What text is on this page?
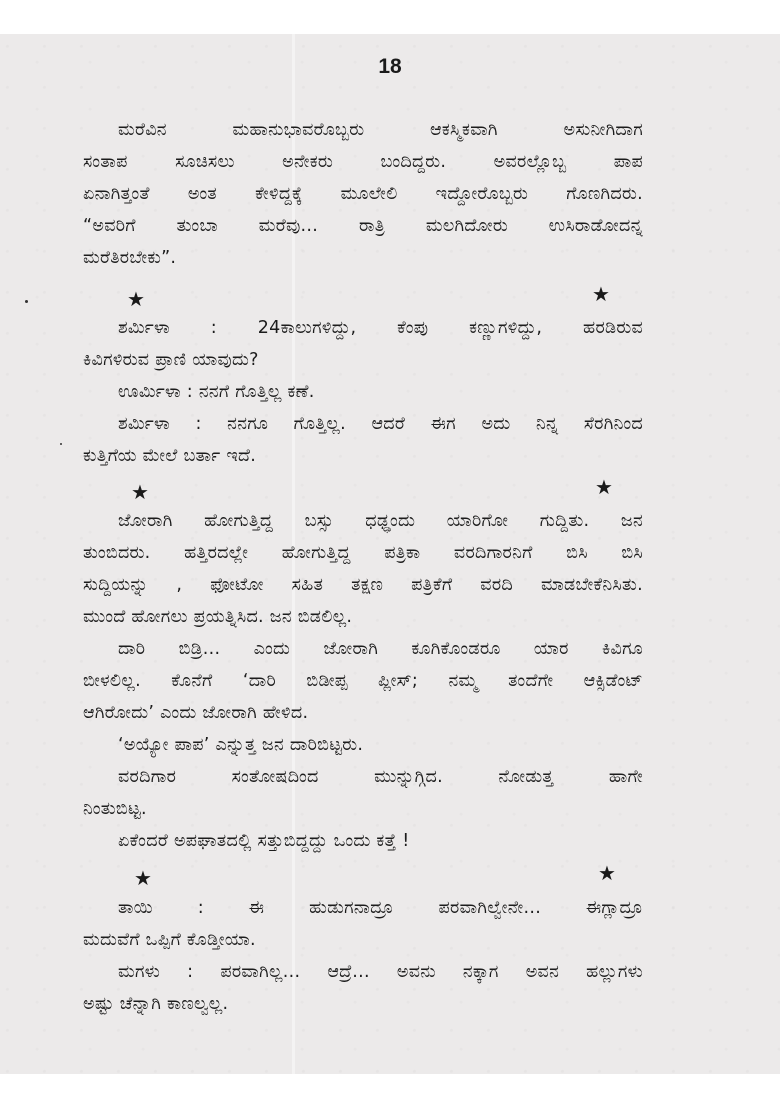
18
ಮರೆವಿನ ಮಹಾನುಭಾವರೊಬ್ಬರು ಆಕಸ್ಮಿಕವಾಗಿ ಅಸುನೀಗಿದಾಗ
ಸಂತಾಪ ಸೂಚಿಸಲು ಅನೇಕರು ಬಂದಿದ್ದರು. ಅವರಲ್ಲೊಬ್ಬ ಪಾಪ
ಏನಾಗಿತ್ತಂತೆ ಅಂತ ಕೇಳಿದ್ದಕ್ಕೆ ಮೂಲೇಲಿ ಇದ್ದೋರೊಬ್ಬರು ಗೊಣಗಿದರು.
“ಅವರಿಗೆ ತುಂಬಾ ಮರೆವು... ರಾತ್ರಿ ಮಲಗಿದೋರು ಉಸಿರಾಡೋದನ್ನ
ಮರೆತಿರಬೇಕು”.
★	★
ಶರ್ಮಿಳಾ : 24ಕಾಲುಗಳಿದ್ದು, ಕೆಂಪು ಕಣ್ಣುಗಳಿದ್ದು, ಹರಡಿರುವ
ಕಿವಿಗಳಿರುವ ಪ್ರಾಣಿ ಯಾವುದು?
ಊರ್ಮಿಳಾ : ನನಗೆ ಗೊತ್ತಿಲ್ಲ ಕಣೆ.
ಶರ್ಮಿಳಾ : ನನಗೂ ಗೊತ್ತಿಲ್ಲ. ಆದರೆ ಈಗ ಅದು ನಿನ್ನ ಸೆರಗಿನಿಂದ
ಕುತ್ತಿಗೆಯ ಮೇಲೆ ಬರ್ತಾ ಇದೆ.
★	★
ಜೋರಾಗಿ ಹೋಗುತ್ತಿದ್ದ ಬಸ್ಸು ಧಢ್ಢಂದು ಯಾರಿಗೋ ಗುದ್ದಿತು. ಜನ
ತುಂಬಿದರು. ಹತ್ತಿರದಲ್ಲೇ ಹೋಗುತ್ತಿದ್ದ ಪತ್ರಿಕಾ ವರದಿಗಾರನಿಗೆ ಬಿಸಿ ಬಿಸಿ
ಸುದ್ದಿಯನ್ನು , ಫೋಟೋ ಸಹಿತ ತಕ್ಷಣ ಪತ್ರಿಕೆಗೆ ವರದಿ ಮಾಡಬೇಕೆನಿಸಿತು.
ಮುಂದೆ ಹೋಗಲು ಪ್ರಯತ್ನಿಸಿದ. ಜನ ಬಿಡಲಿಲ್ಲ.
ದಾರಿ ಬಿಡ್ರಿ... ಎಂದು ಜೋರಾಗಿ ಕೂಗಿಕೊಂಡರೂ ಯಾರ ಕಿವಿಗೂ
ಬೀಳಲಿಲ್ಲ. ಕೊನೆಗೆ ‘ದಾರಿ ಬಿಡೀಪ್ಪ ಪ್ಲೀಸ್; ನಮ್ಮ ತಂದೆಗೇ ಆಕ್ಸಿಡೆಂಟ್
ಆಗಿರೋದು’ ಎಂದು ಜೋರಾಗಿ ಹೇಳಿದ.
‘ಅಯ್ಯೋ ಪಾಪ’ ಎನ್ನುತ್ತ ಜನ ದಾರಿಬಿಟ್ಟರು.
ವರದಿಗಾರ ಸಂತೋಷದಿಂದ ಮುನ್ನುಗ್ಗಿದ. ನೋಡುತ್ತ ಹಾಗೇ
ನಿಂತುಬಿಟ್ಟ.
ಏಕೆಂದರೆ ಅಪಘಾತದಲ್ಲಿ ಸತ್ತುಬಿದ್ದದ್ದು ಒಂದು ಕತ್ತೆ !
★	★
ತಾಯಿ : ಈ ಹುಡುಗನಾದ್ರೂ ಪರವಾಗಿಲ್ವೇನೇ... ಈಗ್ಲಾದ್ರೂ
ಮದುವೆಗೆ ಒಪ್ಪಿಗೆ ಕೊಡ್ತೀಯಾ.
ಮಗಳು : ಪರವಾಗಿಲ್ಲ... ಆದ್ರೆ... ಅವನು ನಕ್ಕಾಗ ಅವನ ಹಲ್ಲುಗಳು
ಅಷ್ಟು ಚೆನ್ನಾಗಿ ಕಾಣಲ್ವಲ್ಲ.
